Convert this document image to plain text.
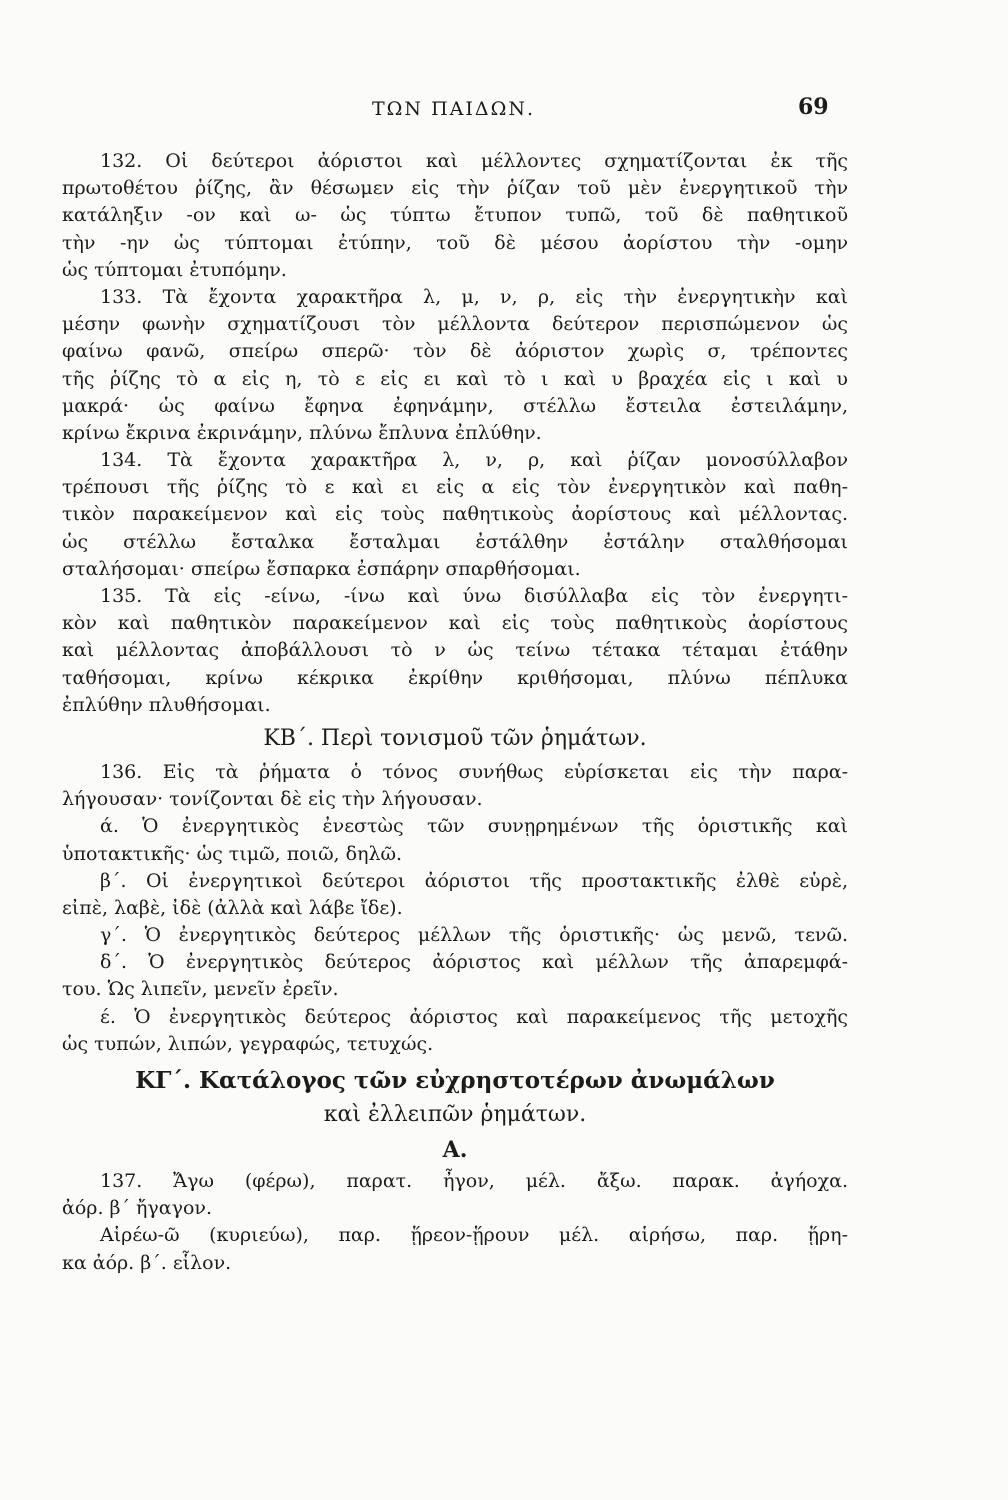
ΤΩΝ ΠΑΙΔΩΝ.	69
132. Οἱ δεύτεροι ἀόριστοι καὶ μέλλοντες σχηματίζονται ἐκ τῆς
πρωτοθέτου ῥίζης, ἂν θέσωμεν εἰς τὴν ῥίζαν τοῦ μὲν ἐνεργητικοῦ τὴν
κατάληξιν -ον καὶ ω- ὡς τύπτω ἔτυπον τυπῶ, τοῦ δὲ παθητικοῦ
τὴν -ην ὡς τύπτομαι ἐτύπην, τοῦ δὲ μέσου ἀορίστου τὴν -ομην
ὡς τύπτομαι ἐτυπόμην.
133. Τὰ ἔχοντα χαρακτῆρα λ, μ, ν, ρ, εἰς τὴν ἐνεργητικὴν καὶ
μέσην φωνὴν σχηματίζουσι τὸν μέλλοντα δεύτερον περισπώμενον ὡς
φαίνω φανῶ, σπείρω σπερῶ· τὸν δὲ ἀόριστον χωρὶς σ, τρέποντες
τῆς ῥίζης τὸ α εἰς η, τὸ ε εἰς ει καὶ τὸ ι καὶ υ βραχέα εἰς ι καὶ υ
μακρά· ὡς φαίνω ἔφηνα ἐφηνάμην, στέλλω ἔστειλα ἐστειλάμην,
κρίνω ἔκρινα ἐκρινάμην, πλύνω ἔπλυνα ἐπλύθην.
134. Τὰ ἔχοντα χαρακτῆρα λ, ν, ρ, καὶ ῥίζαν μονοσύλλαβον
τρέπουσι τῆς ῥίζης τὸ ε καὶ ει εἰς α εἰς τὸν ἐνεργητικὸν καὶ παθη-
τικὸν παρακείμενον καὶ εἰς τοὺς παθητικοὺς ἀορίστους καὶ μέλλοντας.
ὡς στέλλω ἔσταλκα ἔσταλμαι ἐστάλθην ἐστάλην σταλθήσομαι
σταλήσομαι· σπείρω ἔσπαρκα ἐσπάρην σπαρθήσομαι.
135. Τὰ εἰς -είνω, -ίνω καὶ ύνω δισύλλαβα εἰς τὸν ἐνεργητι-
κὸν καὶ παθητικὸν παρακείμενον καὶ εἰς τοὺς παθητικοὺς ἀορίστους
καὶ μέλλοντας ἀποβάλλουσι τὸ ν ὡς τείνω τέτακα τέταμαι ἐτάθην
ταθήσομαι, κρίνω κέκρικα ἐκρίθην κριθήσομαι, πλύνω πέπλυκα
ἐπλύθην πλυθήσομαι.
ΚΒ΄. Περὶ τονισμοῦ τῶν ῥημάτων.
136. Εἰς τὰ ῥήματα ὁ τόνος συνήθως εὑρίσκεται εἰς τὴν παρα-
λήγουσαν· τονίζονται δὲ εἰς τὴν λήγουσαν.
ά. Ὁ ἐνεργητικὸς ἐνεστὼς τῶν συνῃρημένων τῆς ὁριστικῆς καὶ
ὑποτακτικῆς· ὡς τιμῶ, ποιῶ, δηλῶ.
β΄. Οἱ ἐνεργητικοὶ δεύτεροι ἀόριστοι τῆς προστακτικῆς ἐλθὲ εὑρὲ,
εἰπὲ, λαβὲ, ἰδὲ (ἀλλὰ καὶ λάβε ἴδε).
γ΄. Ὁ ἐνεργητικὸς δεύτερος μέλλων τῆς ὁριστικῆς· ὡς μενῶ, τενῶ.
δ΄. Ὁ ἐνεργητικὸς δεύτερος ἀόριστος καὶ μέλλων τῆς ἀπαρεμφά-
του. Ὡς λιπεῖν, μενεῖν ἐρεῖν.
έ. Ὁ ἐνεργητικὸς δεύτερος ἀόριστος καὶ παρακείμενος τῆς μετοχῆς
ὡς τυπών, λιπών, γεγραφώς, τετυχώς.
ΚΓ΄. Κατάλογος τῶν εὐχρηστοτέρων ἀνωμάλων
καὶ ἐλλειπῶν ῥημάτων.
Α.
137. Ἄγω (φέρω), παρατ. ἦγον, μέλ. ἄξω. παρακ. ἀγήοχα.
ἀόρ. β΄ ἤγαγον.
Αἱρέω-ῶ (κυριεύω), παρ. ᾕρεον-ᾕρουν μέλ. αἱρήσω, παρ. ᾕρη-
κα ἀόρ. β΄. εἷλον.
